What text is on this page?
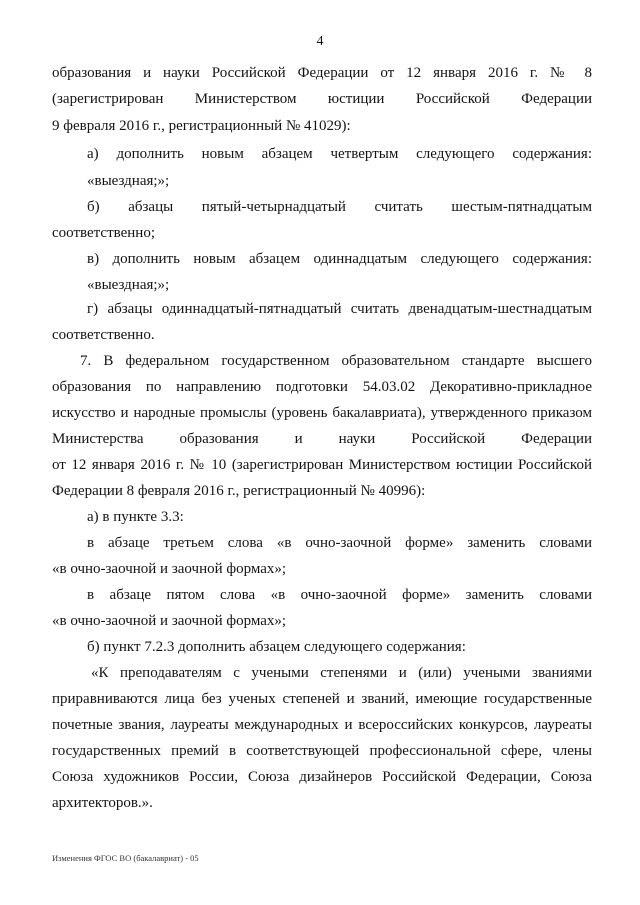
4
образования и науки Российской Федерации от 12 января 2016 г. № 8
(зарегистрирован Министерством юстиции Российской Федерации
9 февраля 2016 г., регистрационный № 41029):
а) дополнить новым абзацем четвертым следующего содержания:
«выездная;»;
б) абзацы пятый-четырнадцатый считать шестым-пятнадцатым
соответственно;
в) дополнить новым абзацем одиннадцатым следующего содержания:
«выездная;»;
г) абзацы одиннадцатый-пятнадцатый считать двенадцатым-шестнадцатым
соответственно.
7. В федеральном государственном образовательном стандарте высшего
образования по направлению подготовки 54.03.02 Декоративно-прикладное
искусство и народные промыслы (уровень бакалавриата), утвержденного приказом
Министерства образования и науки Российской Федерации
от 12 января 2016 г. № 10 (зарегистрирован Министерством юстиции Российской
Федерации 8 февраля 2016 г., регистрационный № 40996):
а) в пункте 3.3:
в абзаце третьем слова «в очно-заочной форме» заменить словами
«в очно-заочной и заочной формах»;
в абзаце пятом слова «в очно-заочной форме» заменить словами
«в очно-заочной и заочной формах»;
б) пункт 7.2.3 дополнить абзацем следующего содержания:
«К преподавателям с учеными степенями и (или) учеными званиями
приравниваются лица без ученых степеней и званий, имеющие государственные
почетные звания, лауреаты международных и всероссийских конкурсов, лауреаты
государственных премий в соответствующей профессиональной сфере, члены
Союза художников России, Союза дизайнеров Российской Федерации, Союза
архитекторов.».
Изменения ФГОС ВО (бакалавриат) - 05
